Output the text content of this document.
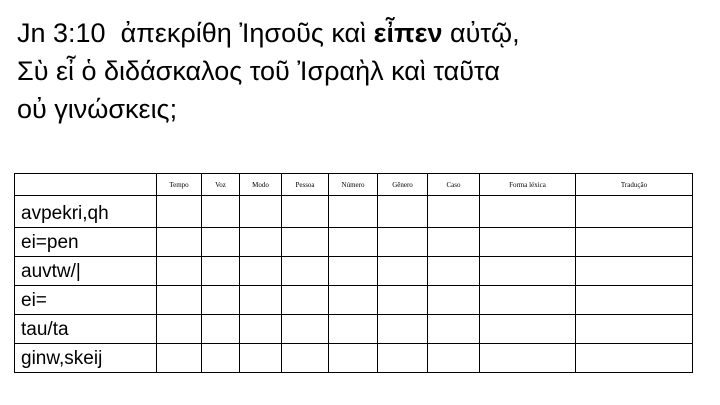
Jn 3:10 ἀπεκρίθη Ἰησοῦς καὶ εἶπεν αὐτῷ,
Σὺ εἶ ὁ διδάσκαλος τοῦ Ἰσραὴλ καὶ ταῦτα
οὐ γινώσκεις;
	Tempo	Voz	Modo	Pessoa	Número	Gênero	Caso	Forma léxica	Tradução
avpekri,qh									
ei=pen									
auvtw/|									
ei=									
tau/ta									
ginw,skeij									
